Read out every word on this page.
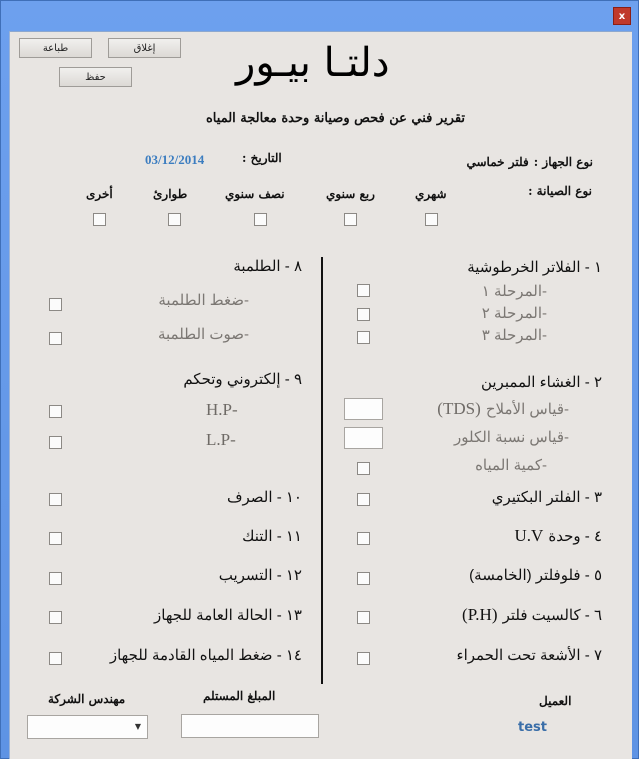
x
طباعة	إغلاق
حفظ	دلتـا بيـور
تقرير فني عن فحص وصيانة وحدة معالجة المياه
نوع الجهاز : فلتر خماسي
التاريخ :
03/12/2014
نوع الصيانة :
شهري
ربع سنوي
نصف سنوي
طوارئ
أخرى
١ - الفلاتر الخرطوشية
-المرحلة ١
-المرحلة ٢
-المرحلة ٣
٢ - الغشاء الممبرين
-قياس الأملاح (TDS)
-قياس نسبة الكلور
-كمية المياه
٣ - الفلتر البكتيري
٤ - وحدة U.V
٥ - فلوفلتر (الخامسة)
٦ - كالسيت فلتر (P.H)
٧ - الأشعة تحت الحمراء
٨ - الطلمبة
-ضغط الطلمبة
-صوت الطلمبة
٩ - إلكتروني وتحكم
H.P-
L.P-
١٠ - الصرف
١١ - التنك
١٢ - التسريب
١٣ - الحالة العامة للجهاز
١٤ - ضغط المياه القادمة للجهاز
العميل
test
المبلغ المستلم
مهندس الشركة
▼
